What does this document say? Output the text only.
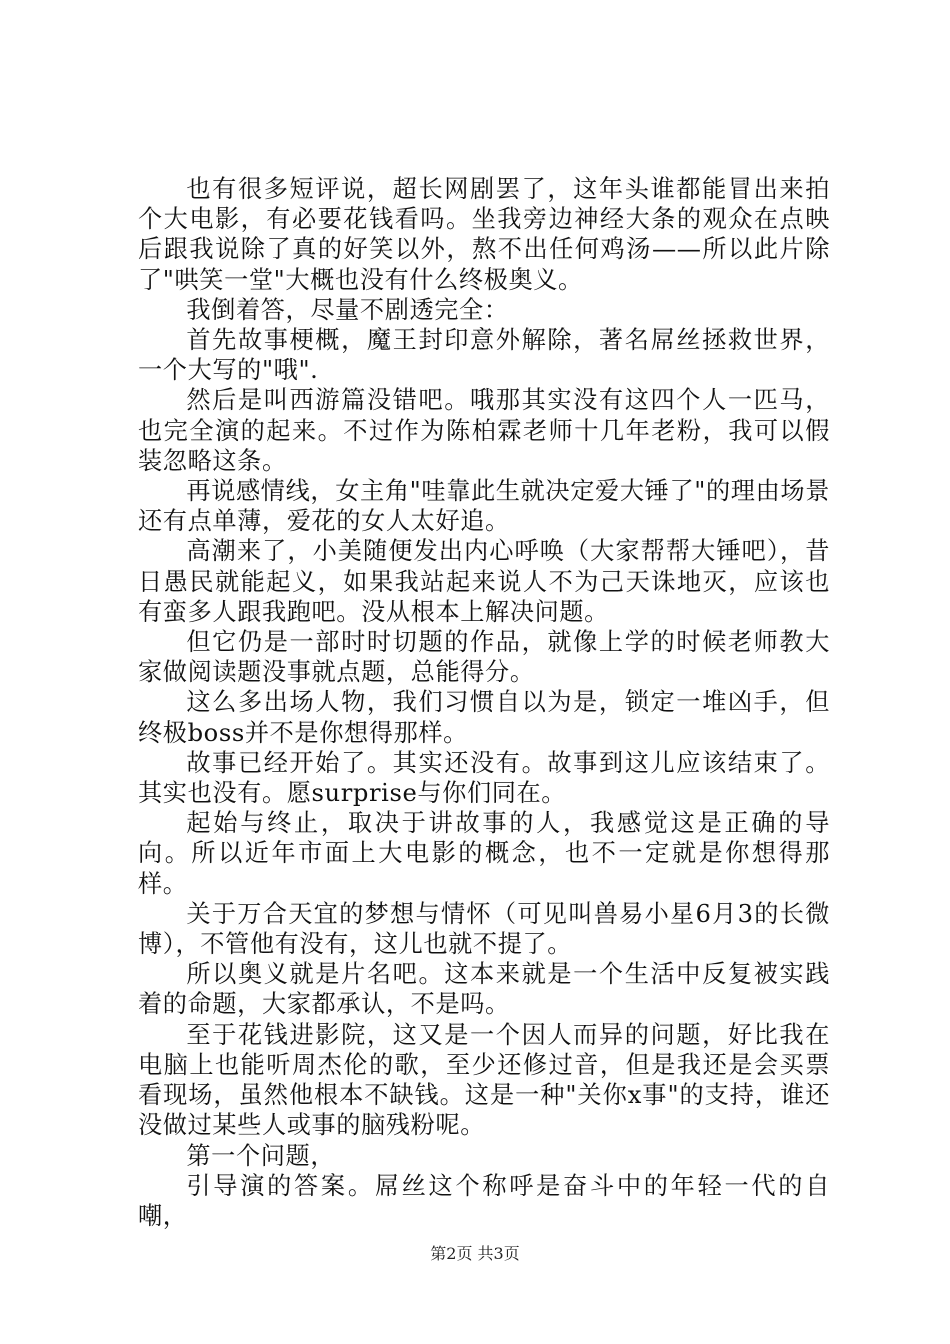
也有很多短评说，超长网剧罢了，这年头谁都能冒出来拍个大电影，有必要花钱看吗。坐我旁边神经大条的观众在点映后跟我说除了真的好笑以外，熬不出任何鸡汤——所以此片除了"哄笑一堂"大概也没有什么终极奥义。

我倒着答，尽量不剧透完全：

首先故事梗概，魔王封印意外解除，著名屌丝拯救世界，一个大写的"哦".

然后是叫西游篇没错吧。哦那其实没有这四个人一匹马，也完全演的起来。不过作为陈柏霖老师十几年老粉，我可以假装忽略这条。

再说感情线，女主角"哇靠此生就决定爱大锤了"的理由场景还有点单薄，爱花的女人太好追。

高潮来了，小美随便发出内心呼唤（大家帮帮大锤吧），昔日愚民就能起义，如果我站起来说人不为己天诛地灭，应该也有蛮多人跟我跑吧。没从根本上解决问题。

但它仍是一部时时切题的作品，就像上学的时候老师教大家做阅读题没事就点题，总能得分。

这么多出场人物，我们习惯自以为是，锁定一堆凶手，但终极boss并不是你想得那样。

故事已经开始了。其实还没有。故事到这儿应该结束了。其实也没有。愿surprise与你们同在。

起始与终止，取决于讲故事的人，我感觉这是正确的导向。所以近年市面上大电影的概念，也不一定就是你想得那样。

关于万合天宜的梦想与情怀（可见叫兽易小星6月3的长微博），不管他有没有，这儿也就不提了。

所以奥义就是片名吧。这本来就是一个生活中反复被实践着的命题，大家都承认，不是吗。

至于花钱进影院，这又是一个因人而异的问题，好比我在电脑上也能听周杰伦的歌，至少还修过音，但是我还是会买票看现场，虽然他根本不缺钱。这是一种"关你x事"的支持，谁还没做过某些人或事的脑残粉呢。

第一个问题，

引导演的答案。屌丝这个称呼是奋斗中的年轻一代的自嘲，

第2页 共3页
